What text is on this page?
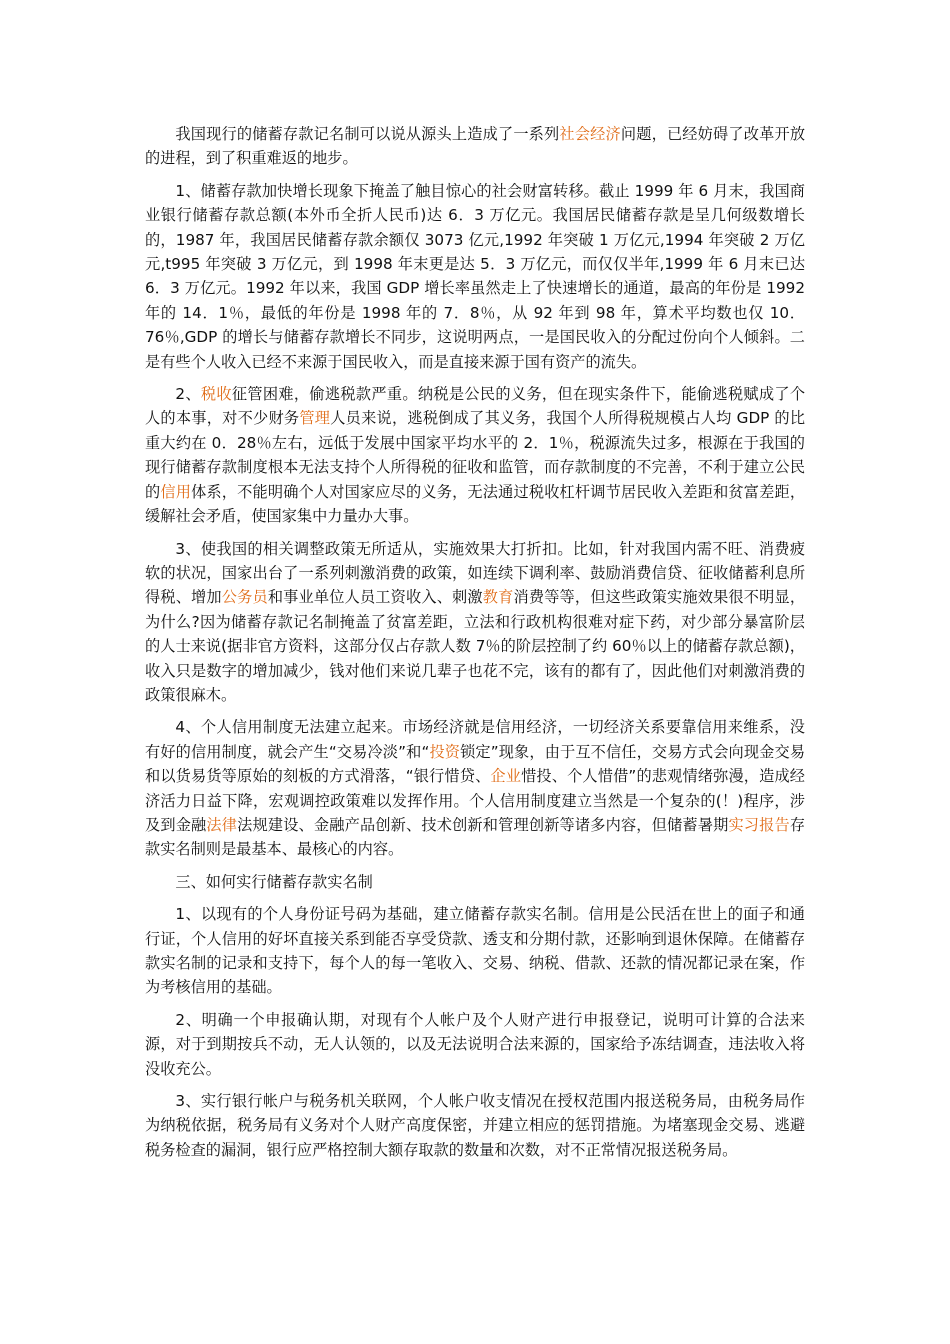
我国现行的储蓄存款记名制可以说从源头上造成了一系列社会经济问题，已经妨碍了改革开放的进程，到了积重难返的地步。

1、储蓄存款加快增长现象下掩盖了触目惊心的社会财富转移。截止 1999 年 6 月末，我国商业银行储蓄存款总额(本外币全折人民币)达 6．3 万亿元。我国居民储蓄存款是呈几何级数增长的，1987 年，我国居民储蓄存款余额仅 3073 亿元,1992 年突破 1 万亿元,1994 年突破 2 万亿元,t995 年突破 3 万亿元，到 1998 年末更是达 5．3 万亿元，而仅仅半年,1999 年 6 月末已达 6．3 万亿元。1992 年以来，我国 GDP 增长率虽然走上了快速增长的通道，最高的年份是 1992 年的 14．1％，最低的年份是 1998 年的 7．8％，从 92 年到 98 年，算术平均数也仅 10．76％,GDP 的增长与储蓄存款增长不同步，这说明两点，一是国民收入的分配过份向个人倾斜。二是有些个人收入已经不来源于国民收入，而是直接来源于国有资产的流失。

2、税收征管困难，偷逃税款严重。纳税是公民的义务，但在现实条件下，能偷逃税赋成了个人的本事，对不少财务管理人员来说，逃税倒成了其义务，我国个人所得税规模占人均 GDP 的比重大约在 0．28％左右，远低于发展中国家平均水平的 2．1％，税源流失过多，根源在于我国的现行储蓄存款制度根本无法支持个人所得税的征收和监管，而存款制度的不完善，不利于建立公民的信用体系，不能明确个人对国家应尽的义务，无法通过税收杠杆调节居民收入差距和贫富差距，缓解社会矛盾，使国家集中力量办大事。

3、使我国的相关调整政策无所适从，实施效果大打折扣。比如，针对我国内需不旺、消费疲软的状况，国家出台了一系列刺激消费的政策，如连续下调利率、鼓励消费信贷、征收储蓄利息所得税、增加公务员和事业单位人员工资收入、刺激教育消费等等，但这些政策实施效果很不明显，为什么?因为储蓄存款记名制掩盖了贫富差距，立法和行政机构很难对症下药，对少部分暴富阶层的人士来说(据非官方资料，这部分仅占存款人数 7％的阶层控制了约 60％以上的储蓄存款总额)，收入只是数字的增加减少，钱对他们来说几辈子也花不完，该有的都有了，因此他们对刺激消费的政策很麻木。

4、个人信用制度无法建立起来。市场经济就是信用经济，一切经济关系要靠信用来维系，没有好的信用制度，就会产生“交易冷淡”和“投资锁定”现象，由于互不信任，交易方式会向现金交易和以货易货等原始的刻板的方式滑落，“银行惜贷、企业惜投、个人惜借”的悲观情绪弥漫，造成经济活力日益下降，宏观调控政策难以发挥作用。个人信用制度建立当然是一个复杂的(！)程序，涉及到金融法律法规建设、金融产品创新、技术创新和管理创新等诸多内容，但储蓄暑期实习报告存款实名制则是最基本、最核心的内容。

三、如何实行储蓄存款实名制

1、以现有的个人身份证号码为基础，建立储蓄存款实名制。信用是公民活在世上的面子和通行证，个人信用的好坏直接关系到能否享受贷款、透支和分期付款，还影响到退休保障。在储蓄存款实名制的记录和支持下，每个人的每一笔收入、交易、纳税、借款、还款的情况都记录在案，作为考核信用的基础。

2、明确一个申报确认期，对现有个人帐户及个人财产进行申报登记，说明可计算的合法来源，对于到期按兵不动，无人认领的，以及无法说明合法来源的，国家给予冻结调查，违法收入将没收充公。

3、实行银行帐户与税务机关联网，个人帐户收支情况在授权范围内报送税务局，由税务局作为纳税依据，税务局有义务对个人财产高度保密，并建立相应的惩罚措施。为堵塞现金交易、逃避税务检查的漏洞，银行应严格控制大额存取款的数量和次数，对不正常情况报送税务局。
